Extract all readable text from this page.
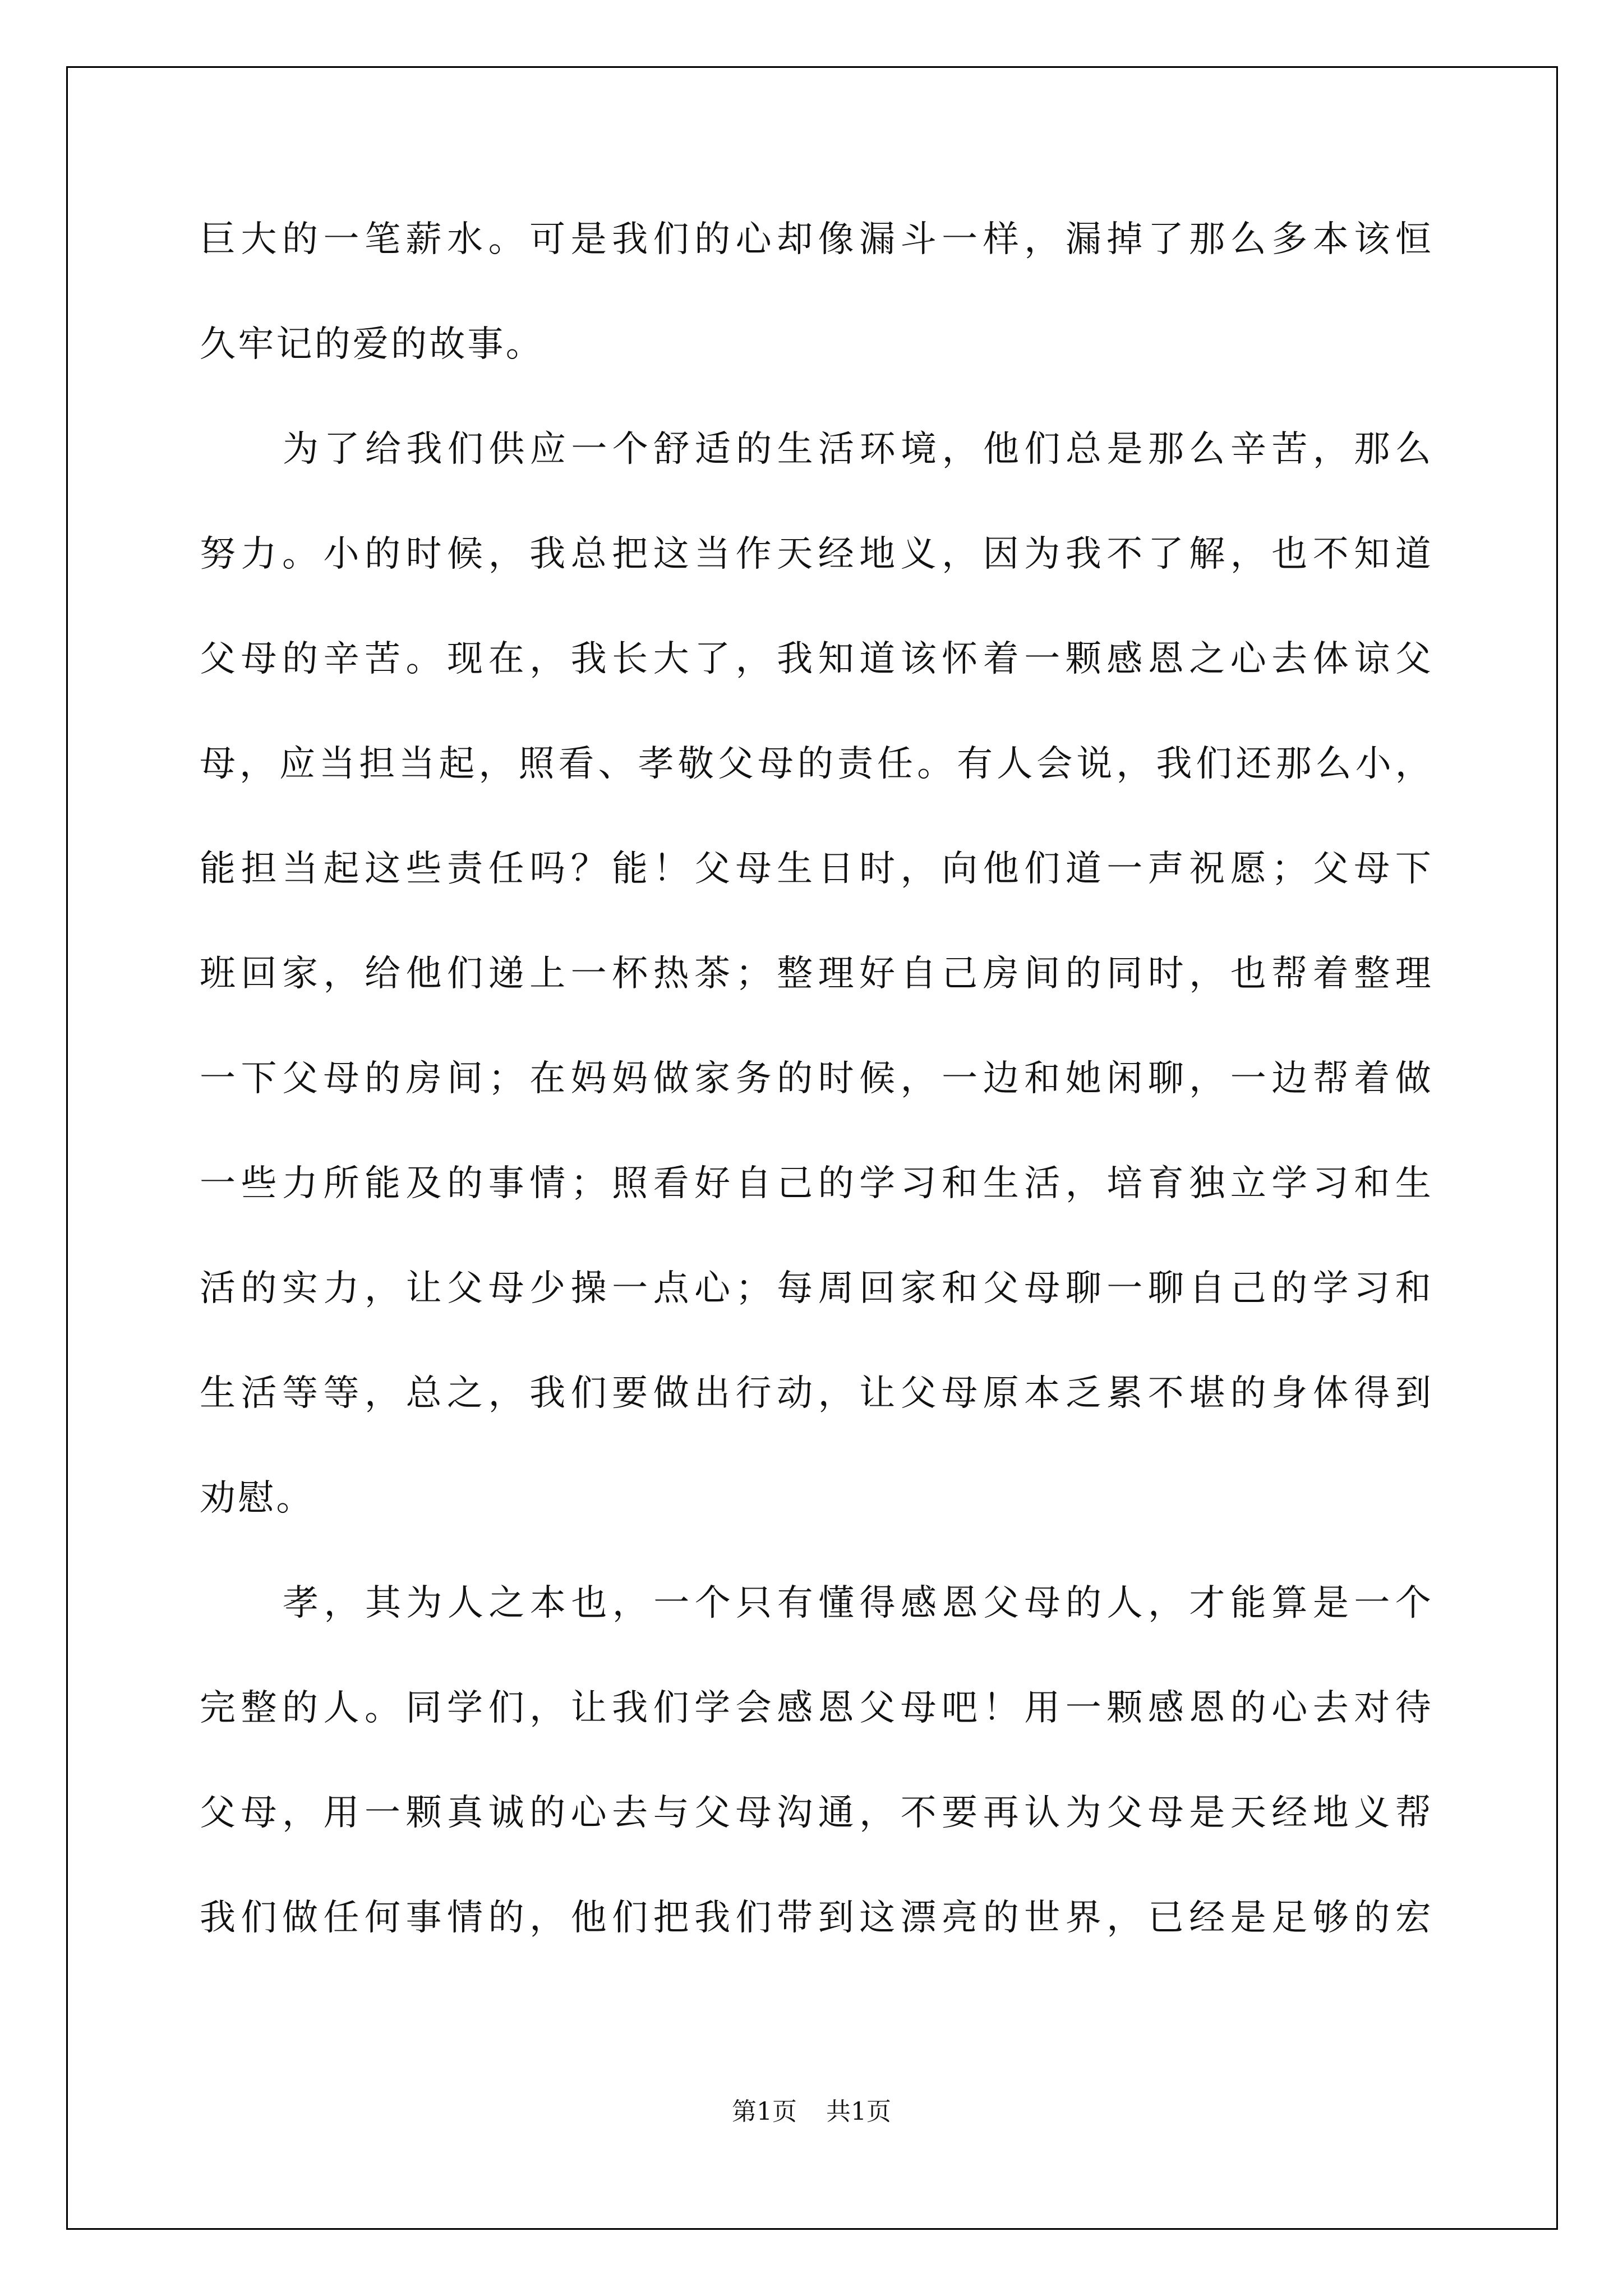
巨大的一笔薪水。可是我们的心却像漏斗一样，漏掉了那么多本该恒
久牢记的爱的故事。
为了给我们供应一个舒适的生活环境，他们总是那么辛苦，那么
努力。小的时候，我总把这当作天经地义，因为我不了解，也不知道
父母的辛苦。现在，我长大了，我知道该怀着一颗感恩之心去体谅父
母，应当担当起，照看、孝敬父母的责任。有人会说，我们还那么小，
能担当起这些责任吗？能！父母生日时，向他们道一声祝愿；父母下
班回家，给他们递上一杯热茶；整理好自己房间的同时，也帮着整理
一下父母的房间；在妈妈做家务的时候，一边和她闲聊，一边帮着做
一些力所能及的事情；照看好自己的学习和生活，培育独立学习和生
活的实力，让父母少操一点心；每周回家和父母聊一聊自己的学习和
生活等等，总之，我们要做出行动，让父母原本乏累不堪的身体得到
劝慰。
孝，其为人之本也，一个只有懂得感恩父母的人，才能算是一个
完整的人。同学们，让我们学会感恩父母吧！用一颗感恩的心去对待
父母，用一颗真诚的心去与父母沟通，不要再认为父母是天经地义帮
我们做任何事情的，他们把我们带到这漂亮的世界，已经是足够的宏
第1页 共1页
